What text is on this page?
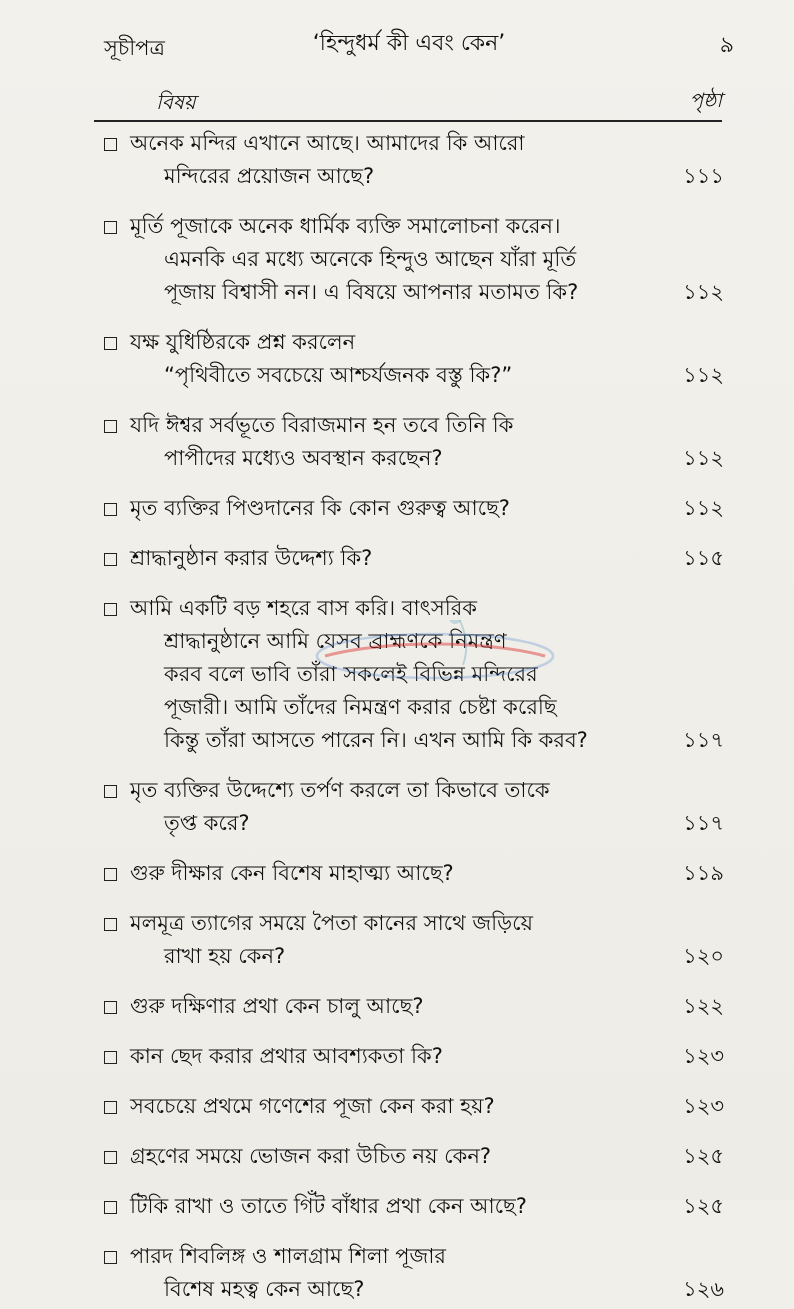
সূচীপত্র	‘হিন্দুধর্ম কী এবং কেন’	৯
বিষয়	পৃষ্ঠা
অনেক মন্দির এখানে আছে। আমাদের কি আরো
মন্দিরের প্রয়োজন আছে?	১১১
মূর্তি পূজাকে অনেক ধার্মিক ব্যক্তি সমালোচনা করেন।
এমনকি এর মধ্যে অনেকে হিন্দুও আছেন যাঁরা মূর্তি
পূজায় বিশ্বাসী নন। এ বিষয়ে আপনার মতামত কি?	১১২
যক্ষ যুধিষ্ঠিরকে প্রশ্ন করলেন
“পৃথিবীতে সবচেয়ে আশ্চর্যজনক বস্তু কি?”	১১২
যদি ঈশ্বর সর্বভূতে বিরাজমান হন তবে তিনি কি
পাপীদের মধ্যেও অবস্থান করছেন?	১১২
মৃত ব্যক্তির পিণ্ডদানের কি কোন গুরুত্ব আছে?	১১২
শ্রাদ্ধানুষ্ঠান করার উদ্দেশ্য কি?	১১৫
আমি একটি বড় শহরে বাস করি। বাৎসরিক
শ্রাদ্ধানুষ্ঠানে আমি যেসব ব্রাহ্মণকে নিমন্ত্রণ
করব বলে ভাবি তাঁরা সকলেই বিভিন্ন মন্দিরের
পূজারী। আমি তাঁদের নিমন্ত্রণ করার চেষ্টা করেছি
কিন্তু তাঁরা আসতে পারেন নি। এখন আমি কি করব?	১১৭
মৃত ব্যক্তির উদ্দেশ্যে তর্পণ করলে তা কিভাবে তাকে
তৃপ্ত করে?	১১৭
গুরু দীক্ষার কেন বিশেষ মাহাত্ম্য আছে?	১১৯
মলমূত্র ত্যাগের সময়ে পৈতা কানের সাথে জড়িয়ে
রাখা হয় কেন?	১২০
গুরু দক্ষিণার প্রথা কেন চালু আছে?	১২২
কান ছেদ করার প্রথার আবশ্যকতা কি?	১২৩
সবচেয়ে প্রথমে গণেশের পূজা কেন করা হয়?	১২৩
গ্রহণের সময়ে ভোজন করা উচিত নয় কেন?	১২৫
টিকি রাখা ও তাতে গিঁট বাঁধার প্রথা কেন আছে?	১২৫
পারদ শিবলিঙ্গ ও শালগ্রাম শিলা পূজার
বিশেষ মহত্ব কেন আছে?	১২৬
